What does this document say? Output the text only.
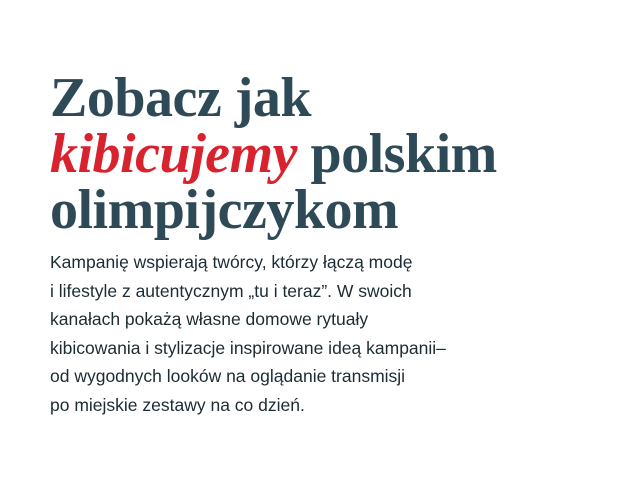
Zobacz jak
kibicujemy polskim
olimpijczykom
Kampanię wspierają twórcy, którzy łączą modę
i lifestyle z autentycznym „tu i teraz”. W swoich
kanałach pokażą własne domowe rytuały
kibicowania i stylizacje inspirowane ideą kampanii–
od wygodnych looków na oglądanie transmisji
po miejskie zestawy na co dzień.
